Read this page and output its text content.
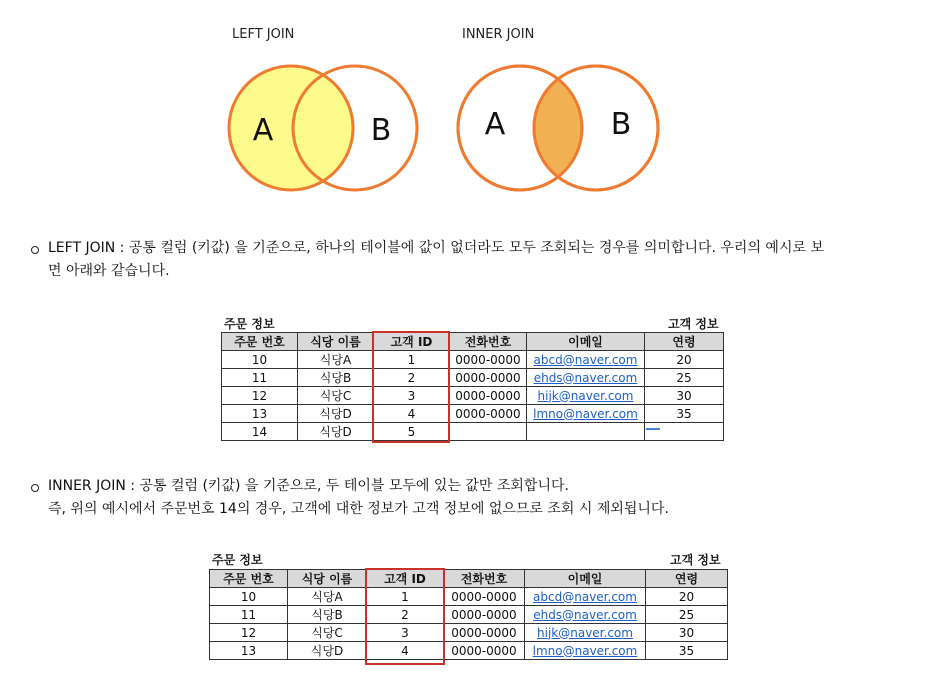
LEFT JOIN	INNER JOIN
A	B	A	B
LEFT JOIN : 공통 컬럼 (키값) 을 기준으로, 하나의 테이블에 값이 없더라도 모두 조회되는 경우를 의미합니다. 우리의 예시로 보
면 아래와 같습니다.
주문 정보	고객 정보
주문 번호	식당 이름	고객 ID	전화번호	이메일	연령
10	식당A	1	0000-0000	abcd@naver.com	20
11	식당B	2	0000-0000	ehds@naver.com	25
12	식당C	3	0000-0000	hijk@naver.com	30
13	식당D	4	0000-0000	lmno@naver.com	35
14	식당D	5			
INNER JOIN : 공통 컬럼 (키값) 을 기준으로, 두 테이블 모두에 있는 값만 조회합니다.
즉, 위의 예시에서 주문번호 14의 경우, 고객에 대한 정보가 고객 정보에 없으므로 조회 시 제외됩니다.
주문 정보	고객 정보
주문 번호	식당 이름	고객 ID	전화번호	이메일	연령
10	식당A	1	0000-0000	abcd@naver.com	20
11	식당B	2	0000-0000	ehds@naver.com	25
12	식당C	3	0000-0000	hijk@naver.com	30
13	식당D	4	0000-0000	lmno@naver.com	35
